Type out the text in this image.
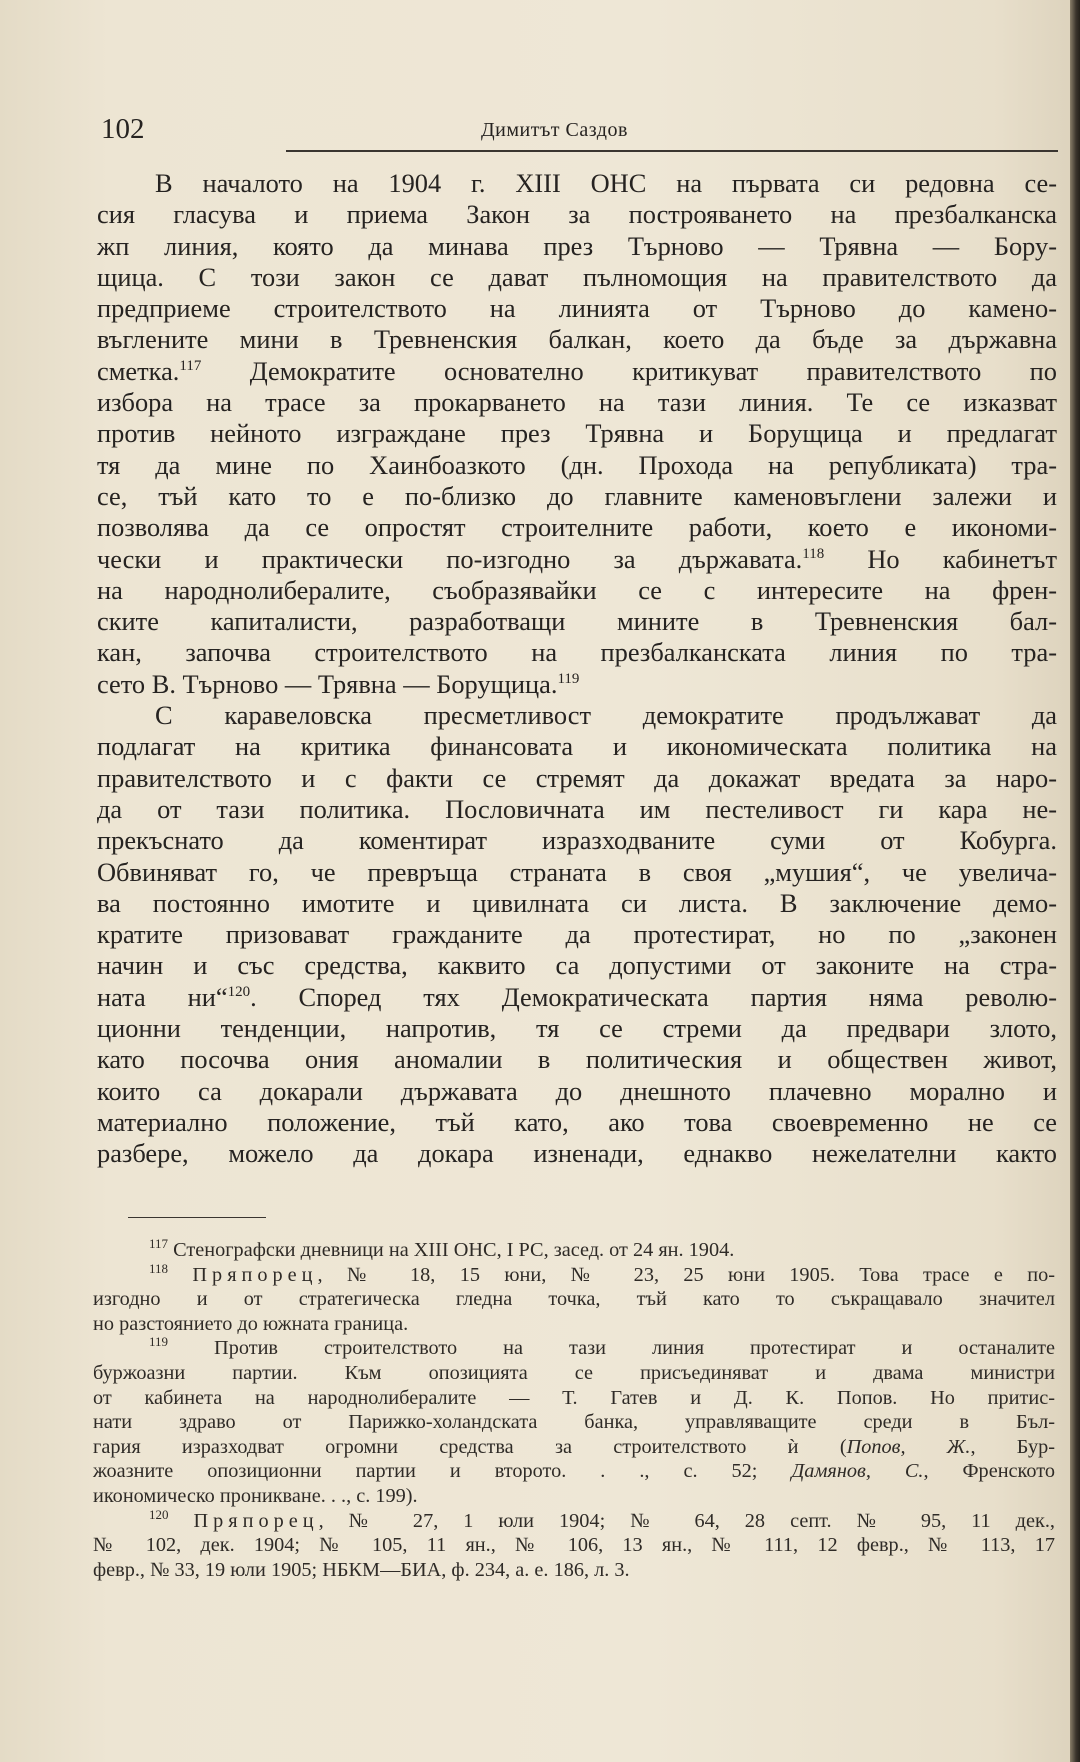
102	Димитът Саздов

В началото на 1904 г. XIII ОНС на първата си редовна се-
сия гласува и приема Закон за построяването на презбалканска
жп линия, която да минава през Търново — Трявна — Бору-
щица. С този закон се дават пълномощия на правителството да
предприеме строителството на линията от Търново до камено-
въглените мини в Тревненския балкан, което да бъде за държавна
сметка.$^{117}$ Демократите основателно критикуват правителството по
избора на трасе за прокарването на тази линия. Те се изказват
против нейното изграждане през Трявна и Борущица и предлагат
тя да мине по Хаинбоазкото (дн. Прохода на републиката) тра-
се, тъй като то е по-близко до главните каменовъглени залежи и
позволява да се опростят строителните работи, което е икономи-
чески и практически по-изгодно за държавата.$^{118}$ Но кабинетът
на народнолибералите, съобразявайки се с интересите на френ-
ските капиталисти, разработващи мините в Тревненския бал-
кан, започва строителството на презбалканската линия по тра-
сето В. Търново — Трявна — Борущица.$^{119}$

С каравеловска пресметливост демократите продължават да
подлагат на критика финансовата и икономическата политика на
правителството и с факти се стремят да докажат вредата за наро-
да от тази политика. Пословичната им пестеливост ги кара не-
прекъснато да коментират изразходваните суми от Кобурга.
Обвиняват го, че превръща страната в своя „мушия“, че увелича-
ва постоянно имотите и цивилната си листа. В заключение демо-
кратите призовават гражданите да протестират, но по „законен
начин и със средства, каквито са допустими от законите на стра-
ната ни“$^{120}$. Според тях Демократическата партия няма револю-
ционни тенденции, напротив, тя се стреми да предвари злото,
като посочва ония аномалии в политическия и обществен живот,
които са докарали държавата до днешното плачевно морално и
материално положение, тъй като, ако това своевременно не се
разбере, можело да докара изненади, еднакво нежелателни както

$^{117}$ Стенографски дневници на XIII ОНС, I РС, засед. от 24 ян. 1904.
$^{118}$ Пряпорец, № 18, 15 юни, № 23, 25 юни 1905. Това трасе е по-
изгодно и от стратегическа гледна точка, тъй като то съкращавало значител
но разстоянието до южната граница.
$^{119}$ Против строителството на тази линия протестират и останалите
буржоазни партии. Към опозицията се присъединяват и двама министри
от кабинета на народнолибералите — Т. Гатев и Д. К. Попов. Но притис-
нати здраво от Парижко-холандската банка, управляващите среди в Бъл-
гария изразходват огромни средства за строителството ѝ (Попов, Ж., Бур-
жоазните опозиционни партии и второто. . ., с. 52; Дамянов, С., Френското
икономическо проникване. . ., с. 199).
$^{120}$ Пряпорец, № 27, 1 юли 1904; № 64, 28 септ. № 95, 11 дек.,
№ 102, дек. 1904; № 105, 11 ян., № 106, 13 ян., № 111, 12 февр., № 113, 17
февр., № 33, 19 юли 1905; НБКМ—БИА, ф. 234, а. е. 186, л. 3.
